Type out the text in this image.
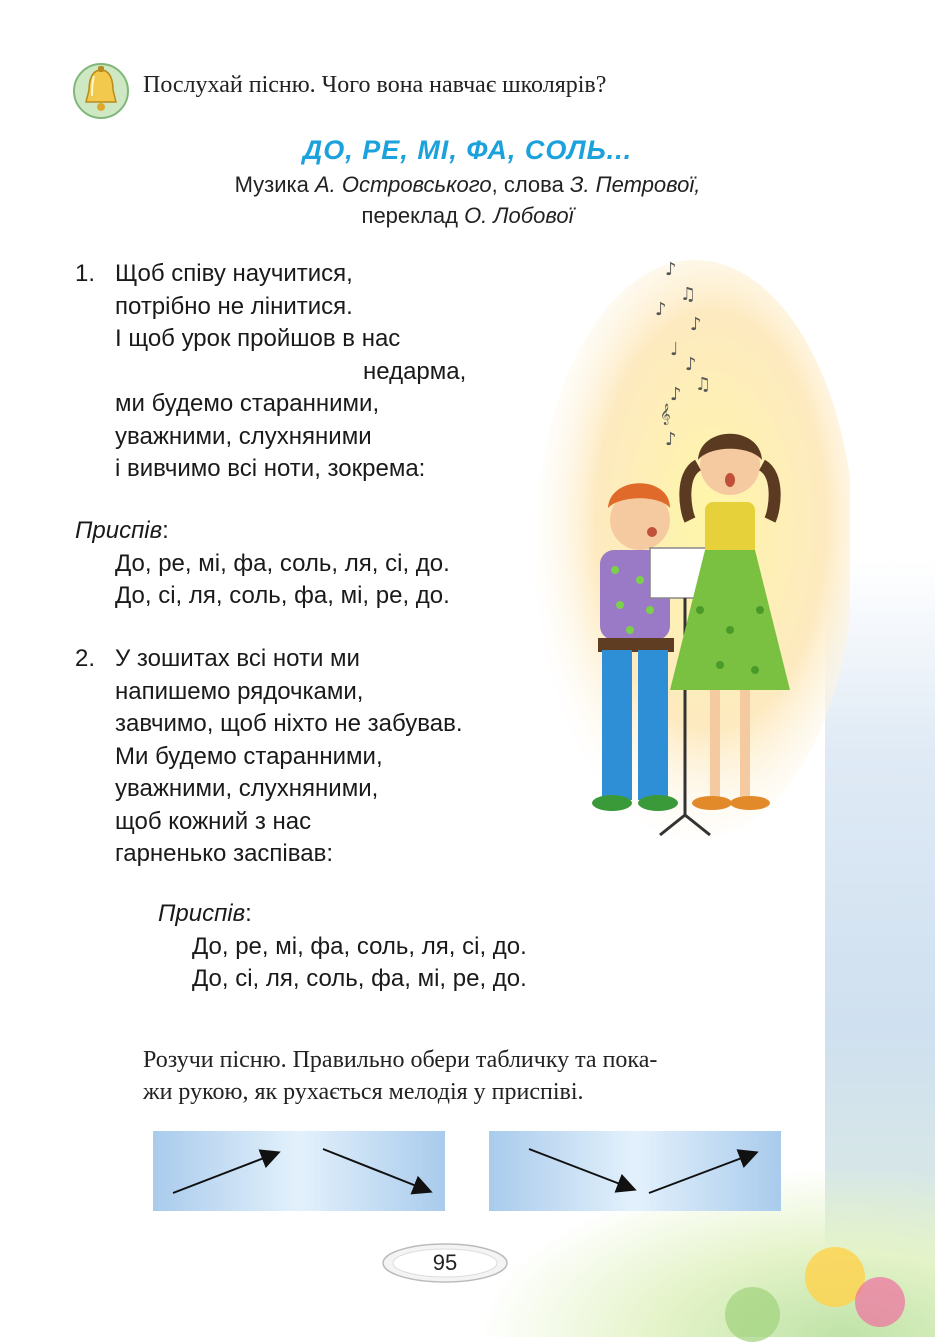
Послухай пісню. Чого вона навчає школярів?
ДО, РЕ, МІ, ФА, СОЛЬ...
Музика А. Островського, слова З. Петрової,
переклад О. Лобової
1. Щоб співу научитися,
потрібно не лінитися.
І щоб урок пройшов в нас
недарма,
ми будемо старанними,
уважними, слухняними
і вивчимо всі ноти, зокрема:
Приспів:
До, ре, мі, фа, соль, ля, сі, до.
До, сі, ля, соль, фа, мі, ре, до.
2. У зошитах всі ноти ми
напишемо рядочками,
завчимо, щоб ніхто не забував.
Ми будемо старанними,
уважними, слухняними,
щоб кожний з нас
гарненько заспівав:
Приспів:
До, ре, мі, фа, соль, ля, сі, до.
До, сі, ля, соль, фа, мі, ре, до.
♪
♫
♪
♪
♩
♪
♫
♪
𝄞
♪
Розучи пісню. Правильно обери табличку та пока-
жи рукою, як рухається мелодія у приспіві.
95
